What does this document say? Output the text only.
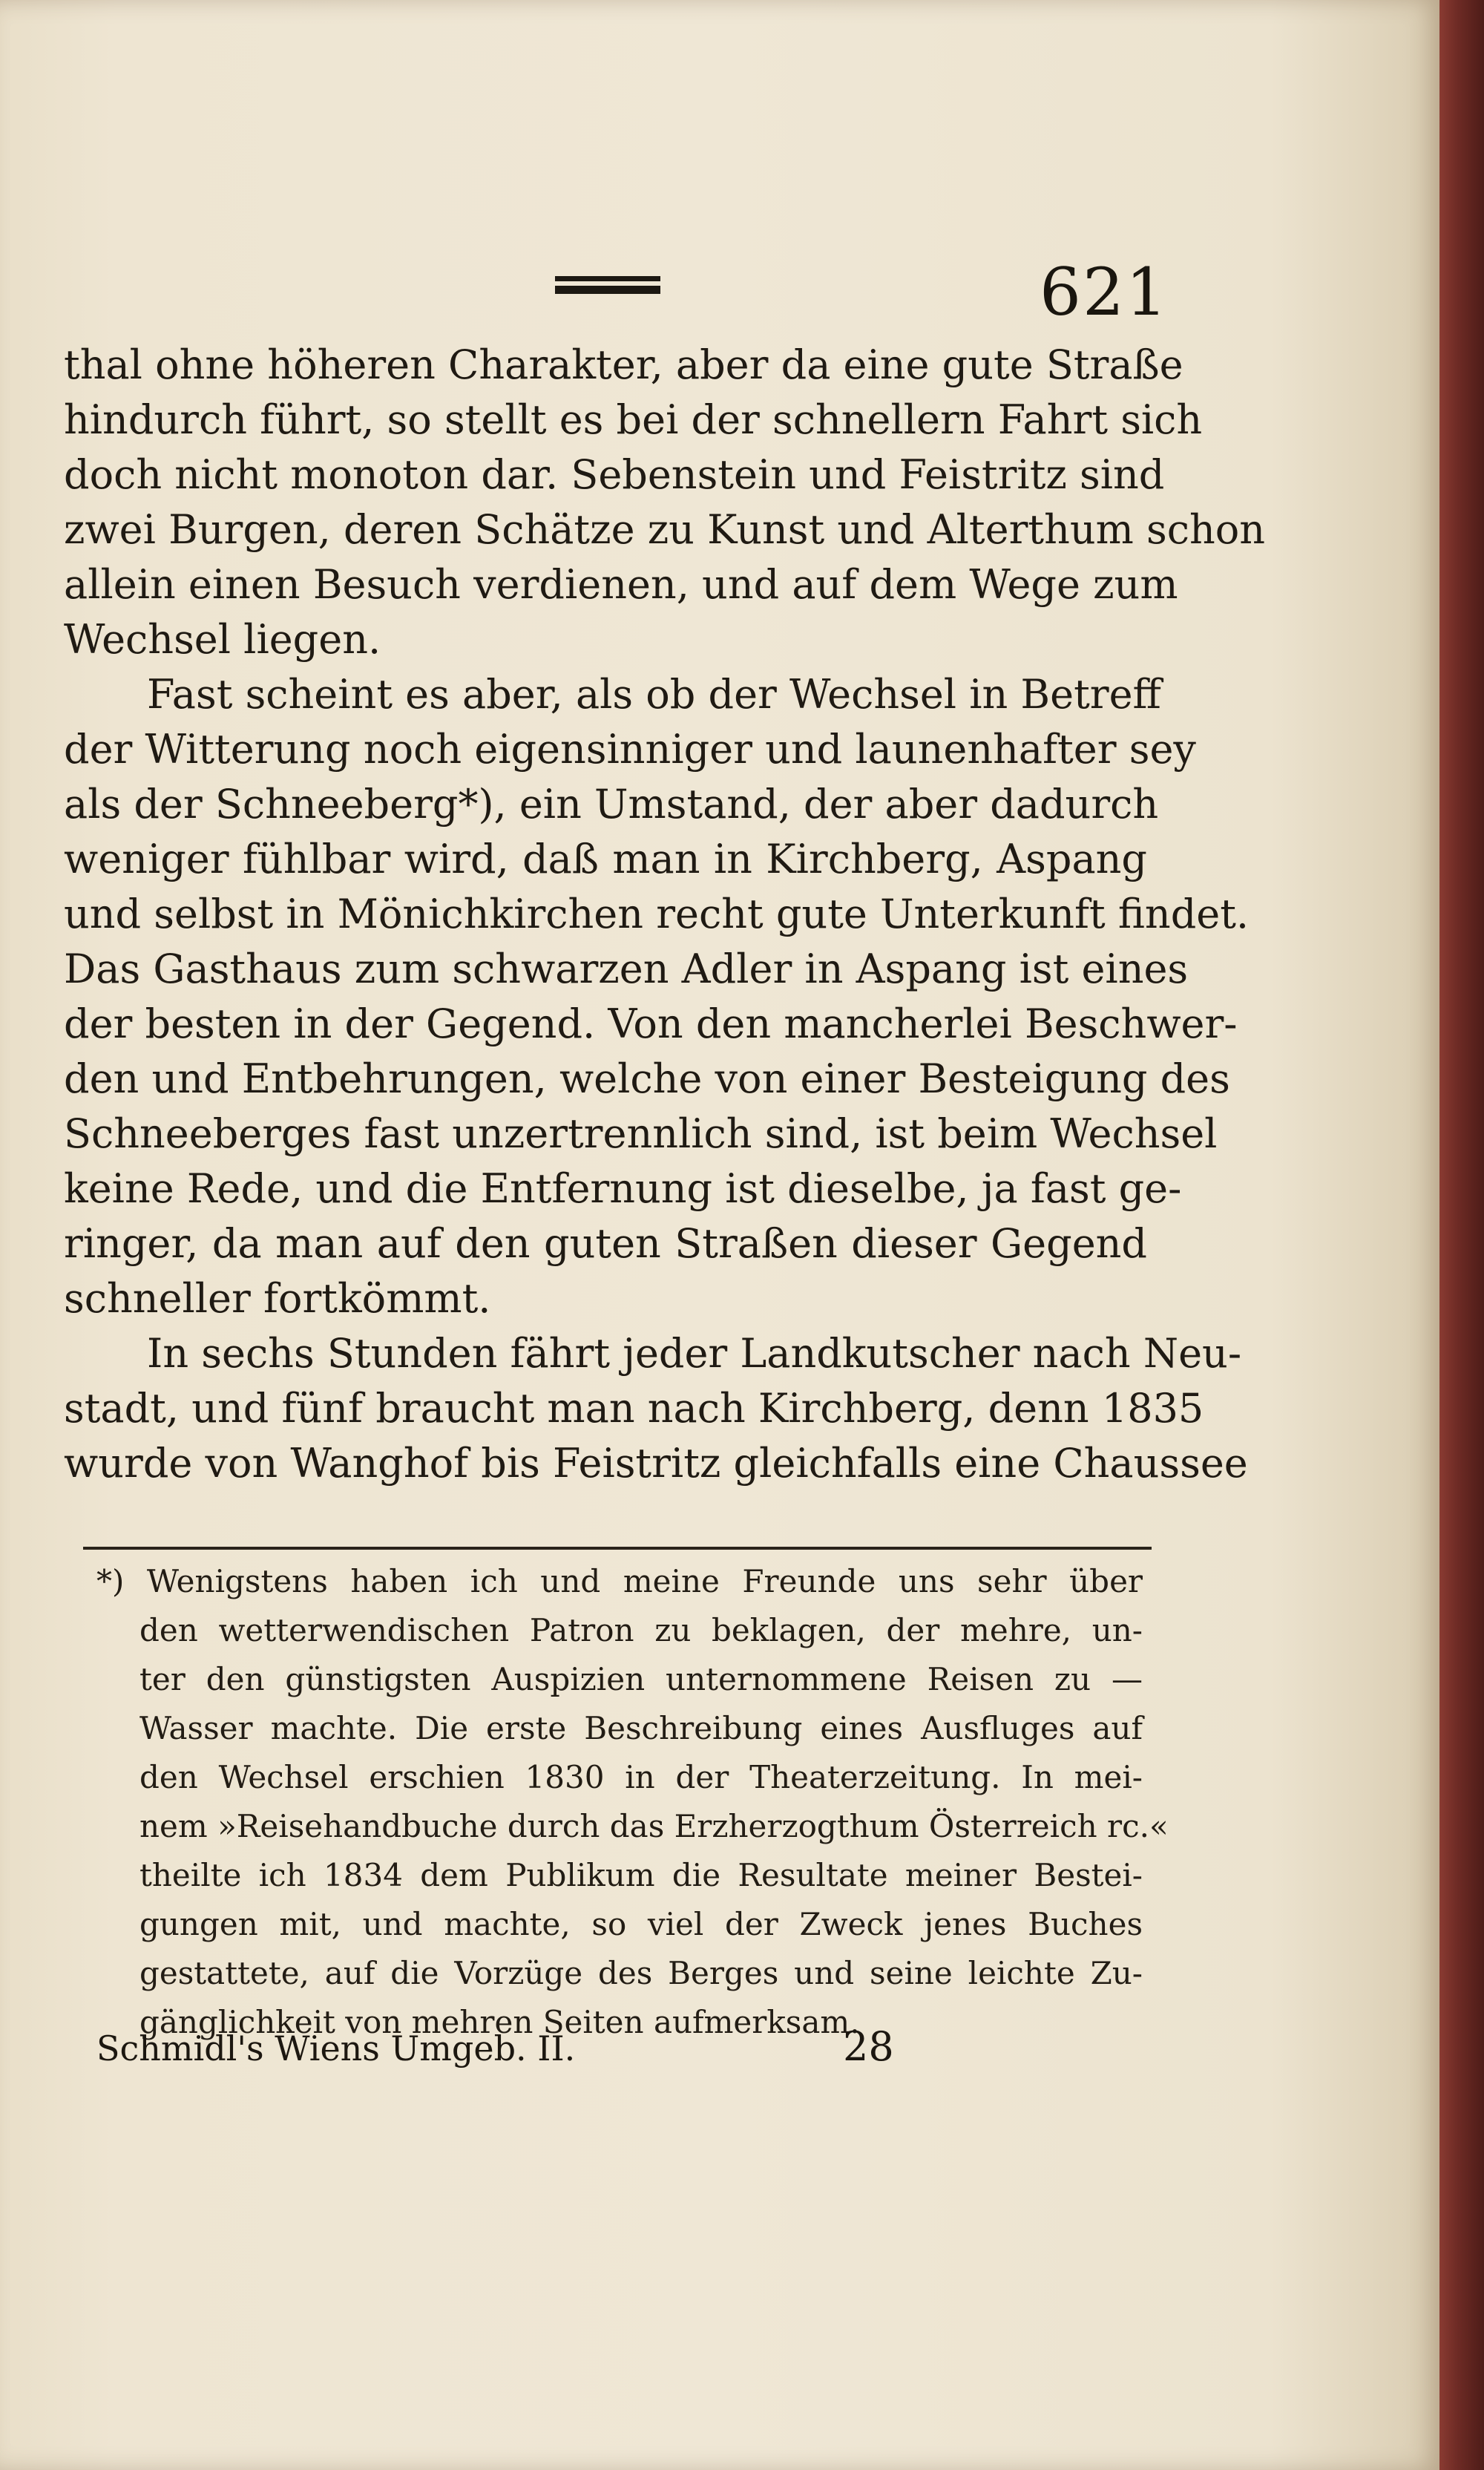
621

thal ohne höheren Charakter, aber da eine gute Straße
hindurch führt, so stellt es bei der schnellern Fahrt sich
doch nicht monoton dar. Sebenstein und Feistritz sind
zwei Burgen, deren Schätze zu Kunst und Alterthum schon
allein einen Besuch verdienen, und auf dem Wege zum
Wechsel liegen.

Fast scheint es aber, als ob der Wechsel in Betreff
der Witterung noch eigensinniger und launenhafter sey
als der Schneeberg*), ein Umstand, der aber dadurch
weniger fühlbar wird, daß man in Kirchberg, Aspang
und selbst in Mönichkirchen recht gute Unterkunft findet.
Das Gasthaus zum schwarzen Adler in Aspang ist eines
der besten in der Gegend. Von den mancherlei Beschwer-
den und Entbehrungen, welche von einer Besteigung des
Schneeberges fast unzertrennlich sind, ist beim Wechsel
keine Rede, und die Entfernung ist dieselbe, ja fast ge-
ringer, da man auf den guten Straßen dieser Gegend
schneller fortkömmt.

In sechs Stunden fährt jeder Landkutscher nach Neu-
stadt, und fünf braucht man nach Kirchberg, denn 1835
wurde von Wanghof bis Feistritz gleichfalls eine Chaussee

*) Wenigstens haben ich und meine Freunde uns sehr über
den wetterwendischen Patron zu beklagen, der mehre, un-
ter den günstigsten Auspizien unternommene Reisen zu —
Wasser machte. Die erste Beschreibung eines Ausfluges auf
den Wechsel erschien 1830 in der Theaterzeitung. In mei-
nem »Reisehandbuche durch das Erzherzogthum Österreich rc.«
theilte ich 1834 dem Publikum die Resultate meiner Bestei-
gungen mit, und machte, so viel der Zweck jenes Buches
gestattete, auf die Vorzüge des Berges und seine leichte Zu-
gänglichkeit von mehren Seiten aufmerksam.
Schmidl's Wiens Umgeb. II.	28
